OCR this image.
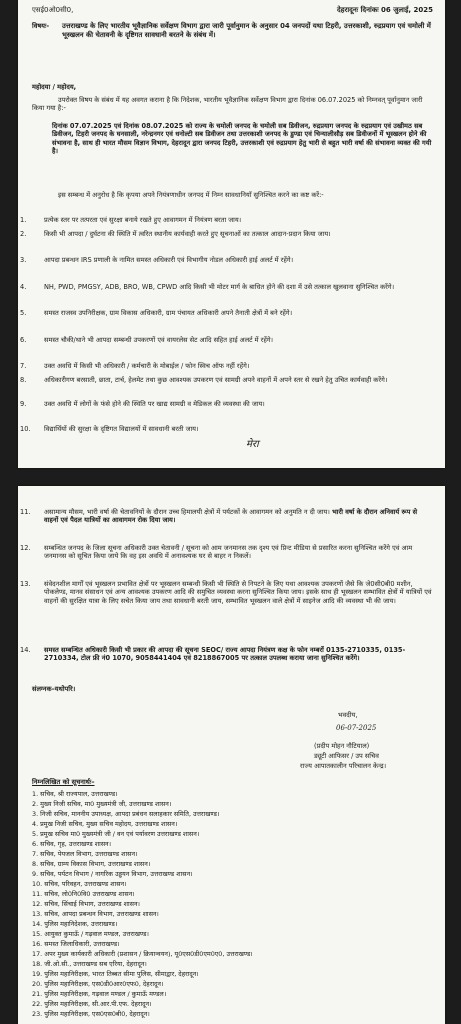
एसई0ओ0सी0,	देहरादूनः दिनांकः 06 जुलाई, 2025
विषयः-	उत्तराखण्ड के लिए भारतीय भूवैज्ञानिक सर्वेक्षण विभाग द्वारा जारी पूर्वानुमान के अनुसार 04 जनपदों यथा टिहरी, उत्तरकाशी, रुद्रप्रयाग एवं चमोली में भूस्खलन की चेतावनी के दृष्टिगत सावधानी बरतने के संबंध में।
महोदया / महोदय,
उपरोक्त विषय के संबंध में यह अवगत कराना है कि निदेशक, भारतीय भूवैज्ञानिक सर्वेक्षण विभाग द्वारा दिनांक 06.07.2025 को निम्नवत् पूर्वानुमान जारी किया गया है:-
दिनांक 07.07.2025 एवं दिनांक 08.07.2025 को राज्य के चमोली जनपद के चमोली सब डिवीजन, रुद्रप्रयाग जनपद के रुद्रप्रयाग एवं उखीमठ सब डिवीजन, टिहरी जनपद के घनसाली, नरेन्द्रनगर एवं धनोल्टी सब डिवीजन तथा उत्तरकाशी जनपद के डुण्डा एवं चिन्यालीसौड़ सब डिवीजनों में भूस्खलन होने की संभावना है, साथ ही भारत मौसम विज्ञान विभाग, देहरादून द्वारा जनपद टिहरी, उत्तरकाशी एवं रुद्रप्रयाग हेतु भारी से बहुत भारी वर्षा की संभावना व्यक्त की गयी है।
इस सम्बन्ध में अनुरोध है कि कृपया अपने नियंत्रणाधीन जनपद में निम्न सावधानियाँ सुनिश्चित करने का कष्ट करें:-
1.	प्रत्येक स्तर पर तत्परता एवं सुरक्षा बनाये रखते हुए आवागमन में नियंत्रण बरता जाय।
2.	किसी भी आपदा / दुर्घटना की स्थिति में त्वरित स्थानीय कार्यवाही करते हुए सूचनाओं का तत्काल आदान-प्रदान किया जाय।
3.	आपदा प्रबन्धन IRS प्रणाली के नामित समस्त अधिकारी एवं विभागीय नोडल अधिकारी हाई अलर्ट में रहेंगे।
4.	NH, PWD, PMGSY, ADB, BRO, WB, CPWD आदि किसी भी मोटर मार्ग के बाधित होने की दशा में उसे तत्काल खुलवाना सुनिश्चित करेंगे।
5.	समस्त राजस्व उपनिरीक्षक, ग्राम विकास अधिकारी, ग्राम पंचायत अधिकारी अपने तैनाती क्षेत्रों में बने रहेंगे।
6.	समस्त चौकी/थाने भी आपदा सम्बन्धी उपकरणों एवं वायरलेस सेट आदि सहित हाई अलर्ट में रहेंगे।
7.	उक्त अवधि में किसी भी अधिकारी / कर्मचारी के मोबाईल / फोन स्विच ऑफ नहीं रहेंगे।
8.	अधिकारीगण बरसाती, छाता, टार्च, हेलमेट तथा कुछ आवश्यक उपकरण एवं सामग्री अपने वाहनों में अपने स्तर से रखने हेतु उचित कार्यवाही करेंगे।
9.	उक्त अवधि में लोगों के फंसे होने की स्थिति पर खाद्य सामग्री व मेडिकल की व्यवस्था की जाय।
10. विद्यार्थियों की सुरक्षा के दृष्टिगत विद्यालयों में सावधानी बरती जाय।
मेरा
11. असामान्य मौसम, भारी वर्षा की चेतावनियों के दौरान उच्च हिमालयी क्षेत्रों में पर्यटकों के आवागमन को अनुमति न दी जाय। भारी वर्षा के दौरान अनिवार्य रूप से वाहनों एवं पैदल यात्रियों का आवागमन रोक दिया जाय।
12. सम्बन्धित जनपद के जिला सूचना अधिकारी उक्त चेतावनी / सूचना को आम जनमानस तक दृश्य एवं प्रिन्ट मीडिया से प्रसारित करना सुनिश्चित करेंगे एवं आम जनमानस को सूचित किया जाये कि वह इस अवधि में अनावश्यक घर से बाहर न निकलें।
13. संवेदनशील मार्गों एवं भूस्खलन प्रभावित क्षेत्रों पर भूस्खलन सम्बन्धी किसी भी स्थिति से निपटने के लिए यथा आवश्यक उपकरणों जैसे कि जे0सी0बी0 मशीन, पोकलेण्ड, मानव संसाधन एवं अन्य आवश्यक उपकरण आदि की समुचित व्यवस्था करना सुनिश्चित किया जाय। इसके साथ ही भूस्खलन सम्भावित क्षेत्रों में यात्रियों एवं वाहनों की सुरक्षित यात्रा के लिए सचेत किया जाय तथा सावधानी बरती जाय, सम्भावित भूस्खलन वाले क्षेत्रों में साइनेज आदि की व्यवस्था भी की जाय।
14. समस्त सम्बन्धित अधिकारी किसी भी प्रकार की आपदा की सूचना SEOC/ राज्य आपदा नियंत्रण कक्ष के फोन नम्बरों 0135-2710335, 0135-2710334, टोल फ्री नं0 1070, 9058441404 एवं 8218867005 पर तत्काल उपलब्ध कराया जाना सुनिश्चित करेंगे।
संलग्नक–यथोपरि।
भवदीय,
06-07-2025
(प्रदीप मोहन नौटियाल)
ड्यूटी आफिसर / उप सचिव
राज्य आपातकालीन परिचालन केन्द्र।
निम्नलिखित को सूचनार्थः–
1. सचिव, श्री राज्यपाल, उत्तराखण्ड।
2. मुख्य निजी सचिव, मा0 मुख्यमंत्री जी, उत्तराखण्ड शासन।
3. निजी सचिव, माननीय उपाध्यक्ष, आपदा प्रबंधन सलाहकार समिति, उत्तराखण्ड।
4. प्रमुख निजी सचिव, मुख्य सचिव महोदय, उत्तराखण्ड शासन।
5. प्रमुख सचिव मा0 मुख्यमंत्री जी / वन एवं पर्यावरण उत्तराखण्ड शासन।
6. सचिव, गृह, उत्तराखण्ड शासन।
7. सचिव, पेयजल विभाग, उत्तराखण्ड शासन।
8. सचिव, ग्राम्य विकास विभाग, उत्तराखण्ड शासन।
9. सचिव, पर्यटन विभाग / नागरिक उड्डयन विभाग, उत्तराखण्ड शासन।
10. सचिव, परिवहन, उत्तराखण्ड शासन।
11. सचिव, लो0नि0वि0 उत्तराखण्ड शासन।
12. सचिव, सिंचाई विभाग, उत्तराखण्ड शासन।
13. सचिव, आपदा प्रबन्धन विभाग, उत्तराखण्ड शासन।
14. पुलिस महानिदेशक, उत्तराखण्ड।
15. आयुक्त कुमाऊँ / गढ़वाल मण्डल, उत्तराखण्ड।
16. समस्त जिलाधिकारी, उत्तराखण्ड।
17. अपर मुख्य कार्यकारी अधिकारी (प्रशासन / क्रियान्वयन), यू0एस0डी0एम0ए0, उत्तराखण्ड।
18. जी.ओ.सी., उत्तराखण्ड सब एरिया, देहरादून।
19. पुलिस महानिरीक्षक, भारत तिब्बत सीमा पुलिस, सीमाद्वार, देहरादून।
20. पुलिस महानिरीक्षक, एस0डी0आर0एफ0, देहरादून।
21. पुलिस महानिरीक्षक, गढ़वाल मण्डल / कुमाऊँ मण्डल।
22. पुलिस महानिरीक्षक, सी.आर.पी.एफ. देहरादून।
23. पुलिस महानिरीक्षक, एस0एस0बी0, देहरादून।
